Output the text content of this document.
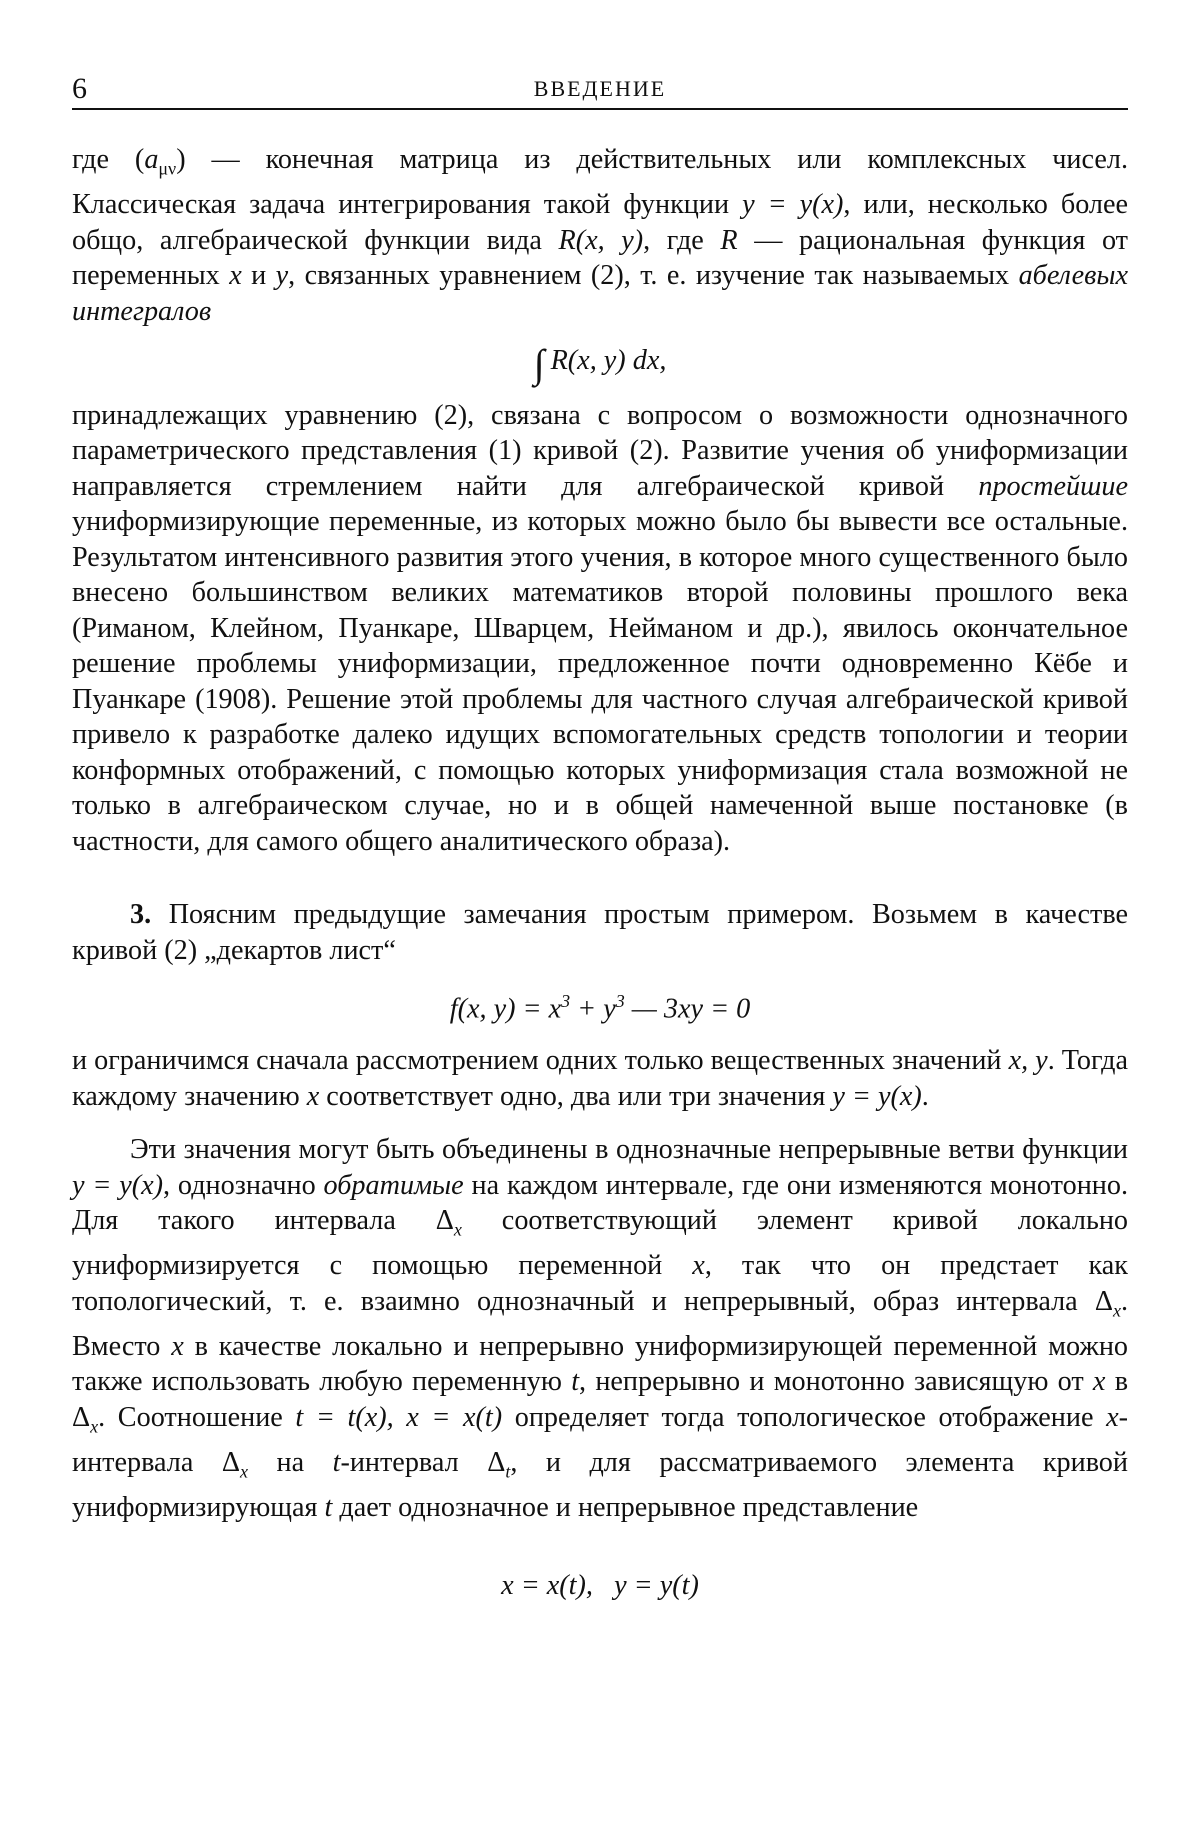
6	ВВЕДЕНИЕ

где $(a_{\mu\nu})$ — конечная матрица из действительных или комплексных чисел. Классическая задача интегрирования такой функции y = y(x), или, несколько более общо, алгебраической функции вида R(x, y), где R — рациональная функция от переменных x и y, связанных уравнением (2), т. е. изучение так называемых абелевых интегралов

∫ R(x, y) dx,

принадлежащих уравнению (2), связана с вопросом о возможности однозначного параметрического представления (1) кривой (2). Развитие учения об униформизации направляется стремлением найти для алгебраической кривой простейшие униформизирующие переменные, из которых можно было бы вывести все остальные. Результатом интенсивного развития этого учения, в которое много существенного было внесено большинством великих математиков второй половины прошлого века (Риманом, Клейном, Пуанкаре, Шварцем, Нейманом и др.), явилось окончательное решение проблемы униформизации, предложенное почти одновременно Кёбе и Пуанкаре (1908). Решение этой проблемы для частного случая алгебраической кривой привело к разработке далеко идущих вспомогательных средств топологии и теории конформных отображений, с помощью которых униформизация стала возможной не только в алгебраическом случае, но и в общей намеченной выше постановке (в частности, для самого общего аналитического образа).

3. Поясним предыдущие замечания простым примером. Возьмем в качестве кривой (2) „декартов лист“

f(x, $y) = x^3 + y^3$ — 3xy = 0

и ограничимся сначала рассмотрением одних только вещественных значений x, y. Тогда каждому значению x соответствует одно, два или три значения y = y(x).

Эти значения могут быть объединены в однозначные непрерывные ветви функции y = y(x), однозначно обратимые на каждом интервале, где они изменяются монотонно. Для такого интервала $\Delta_x$ соответствующий элемент кривой локально униформизируется с помощью переменной x, так что он предстает как топологический, т. е. взаимно однозначный и непрерывный, образ интервала $\Delta_x$. Вместо x в качестве локально и непрерывно униформизирующей переменной можно также использовать любую переменную t, непрерывно и монотонно зависящую от x в $\Delta_x$. Соотношение t = t(x), x = x(t) определяет тогда топологическое отображение x-интервала $\Delta_x$ на t-интервал $\Delta_t$, и для рассматриваемого элемента кривой униформизирующая t дает однозначное и непрерывное представление

x = x(t),   y = y(t)
